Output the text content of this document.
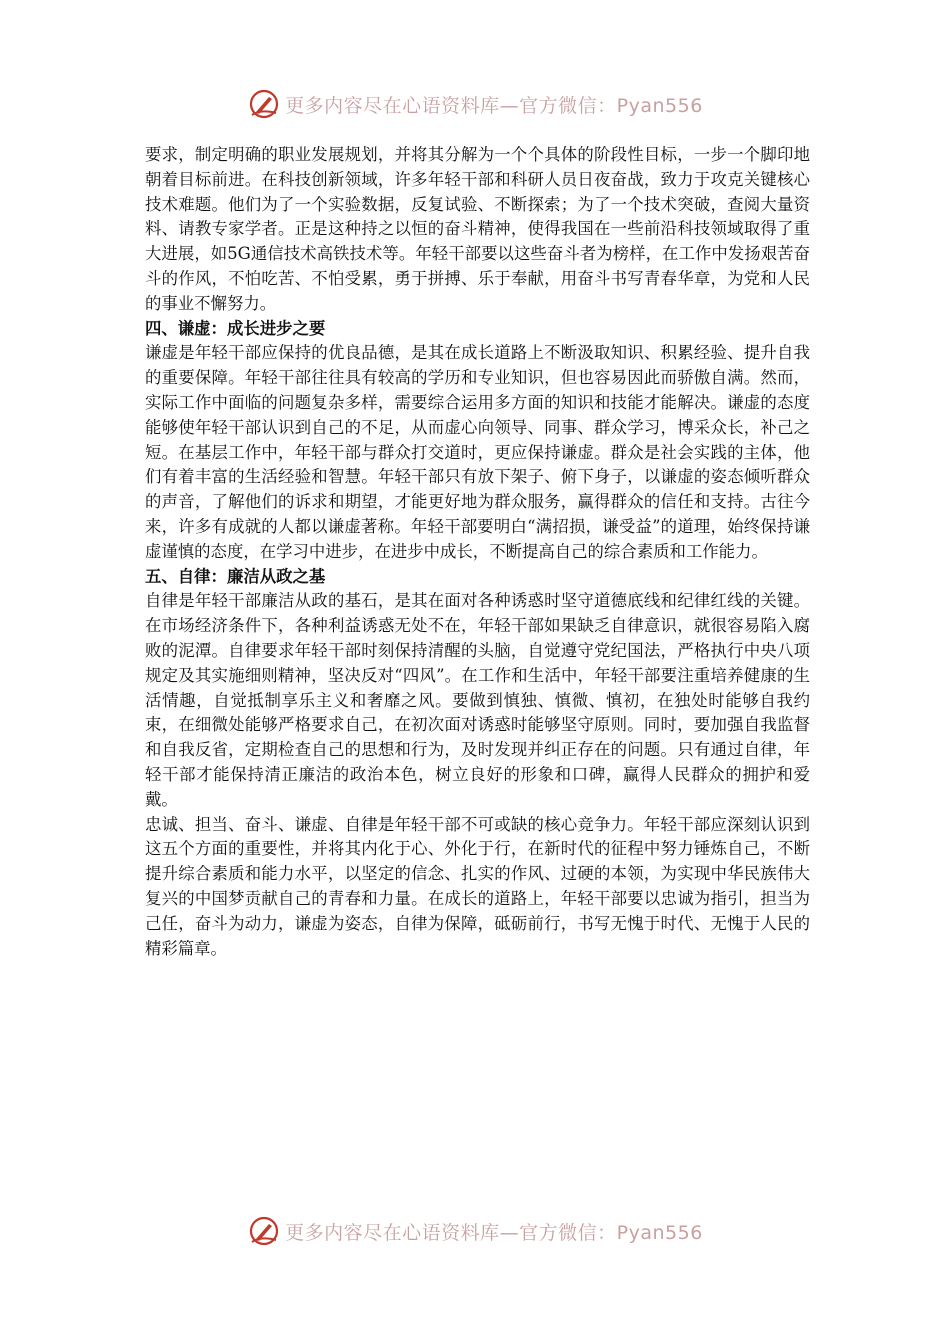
更多内容尽在心语资料库—官方微信：Pyan556

要求，制定明确的职业发展规划，并将其分解为一个个具体的阶段性目标，一步一个脚印地朝着目标前进。在科技创新领域，许多年轻干部和科研人员日夜奋战，致力于攻克关键核心技术难题。他们为了一个实验数据，反复试验、不断探索；为了一个技术突破，查阅大量资料、请教专家学者。正是这种持之以恒的奋斗精神，使得我国在一些前沿科技领域取得了重大进展，如5G通信技术高铁技术等。年轻干部要以这些奋斗者为榜样，在工作中发扬艰苦奋斗的作风，不怕吃苦、不怕受累，勇于拼搏、乐于奉献，用奋斗书写青春华章，为党和人民的事业不懈努力。

四、谦虚：成长进步之要

谦虚是年轻干部应保持的优良品德，是其在成长道路上不断汲取知识、积累经验、提升自我的重要保障。年轻干部往往具有较高的学历和专业知识，但也容易因此而骄傲自满。然而，实际工作中面临的问题复杂多样，需要综合运用多方面的知识和技能才能解决。谦虚的态度能够使年轻干部认识到自己的不足，从而虚心向领导、同事、群众学习，博采众长，补己之短。在基层工作中，年轻干部与群众打交道时，更应保持谦虚。群众是社会实践的主体，他们有着丰富的生活经验和智慧。年轻干部只有放下架子、俯下身子，以谦虚的姿态倾听群众的声音，了解他们的诉求和期望，才能更好地为群众服务，赢得群众的信任和支持。古往今来，许多有成就的人都以谦虚著称。年轻干部要明白“满招损，谦受益”的道理，始终保持谦虚谨慎的态度，在学习中进步，在进步中成长，不断提高自己的综合素质和工作能力。

五、自律：廉洁从政之基

自律是年轻干部廉洁从政的基石，是其在面对各种诱惑时坚守道德底线和纪律红线的关键。在市场经济条件下，各种利益诱惑无处不在，年轻干部如果缺乏自律意识，就很容易陷入腐败的泥潭。自律要求年轻干部时刻保持清醒的头脑，自觉遵守党纪国法，严格执行中央八项规定及其实施细则精神，坚决反对“四风”。在工作和生活中，年轻干部要注重培养健康的生活情趣，自觉抵制享乐主义和奢靡之风。要做到慎独、慎微、慎初，在独处时能够自我约束，在细微处能够严格要求自己，在初次面对诱惑时能够坚守原则。同时，要加强自我监督和自我反省，定期检查自己的思想和行为，及时发现并纠正存在的问题。只有通过自律，年轻干部才能保持清正廉洁的政治本色，树立良好的形象和口碑，赢得人民群众的拥护和爱戴。

忠诚、担当、奋斗、谦虚、自律是年轻干部不可或缺的核心竞争力。年轻干部应深刻认识到这五个方面的重要性，并将其内化于心、外化于行，在新时代的征程中努力锤炼自己，不断提升综合素质和能力水平，以坚定的信念、扎实的作风、过硬的本领，为实现中华民族伟大复兴的中国梦贡献自己的青春和力量。在成长的道路上，年轻干部要以忠诚为指引，担当为己任，奋斗为动力，谦虚为姿态，自律为保障，砥砺前行，书写无愧于时代、无愧于人民的精彩篇章。

更多内容尽在心语资料库—官方微信：Pyan556
